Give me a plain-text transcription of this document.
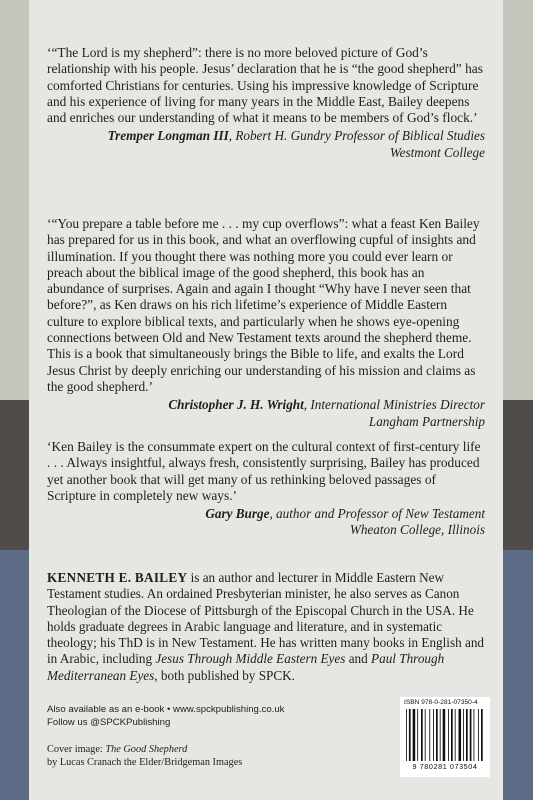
‘“The Lord is my shepherd”: there is no more beloved picture of God’s relationship with his people. Jesus’ declaration that he is “the good shepherd” has comforted Christians for centuries. Using his impressive knowledge of Scripture and his experience of living for many years in the Middle East, Bailey deepens and enriches our understanding of what it means to be members of God’s flock.’

Tremper Longman III, Robert H. Gundry Professor of Biblical Studies
Westmont College

‘“You prepare a table before me . . . my cup overflows”: what a feast Ken Bailey has prepared for us in this book, and what an overflowing cupful of insights and illumination. If you thought there was nothing more you could ever learn or preach about the biblical image of the good shepherd, this book has an abundance of surprises. Again and again I thought “Why have I never seen that before?”, as Ken draws on his rich lifetime’s experience of Middle Eastern culture to explore biblical texts, and particularly when he shows eye-opening connections between Old and New Testament texts around the shepherd theme. This is a book that simultaneously brings the Bible to life, and exalts the Lord Jesus Christ by deeply enriching our understanding of his mission and claims as the good shepherd.’

Christopher J. H. Wright, International Ministries Director
Langham Partnership

‘Ken Bailey is the consummate expert on the cultural context of first-century life . . . Always insightful, always fresh, consistently surprising, Bailey has produced yet another book that will get many of us rethinking beloved passages of Scripture in completely new ways.’

Gary Burge, author and Professor of New Testament
Wheaton College, Illinois
KENNETH E. BAILEY is an author and lecturer in Middle Eastern New Testament studies. An ordained Presbyterian minister, he also serves as Canon Theologian of the Diocese of Pittsburgh of the Episcopal Church in the USA. He holds graduate degrees in Arabic language and literature, and in systematic theology; his ThD is in New Testament. He has written many books in English and in Arabic, including Jesus Through Middle Eastern Eyes and Paul Through Mediterranean Eyes, both published by SPCK.
Also available as an e-book • www.spckpublishing.co.uk
Follow us @SPCKPublishing
Cover image: The Good Shepherd
by Lucas Cranach the Elder/Bridgeman Images
ISBN 978-0-281-07350-4
9 780281 073504
